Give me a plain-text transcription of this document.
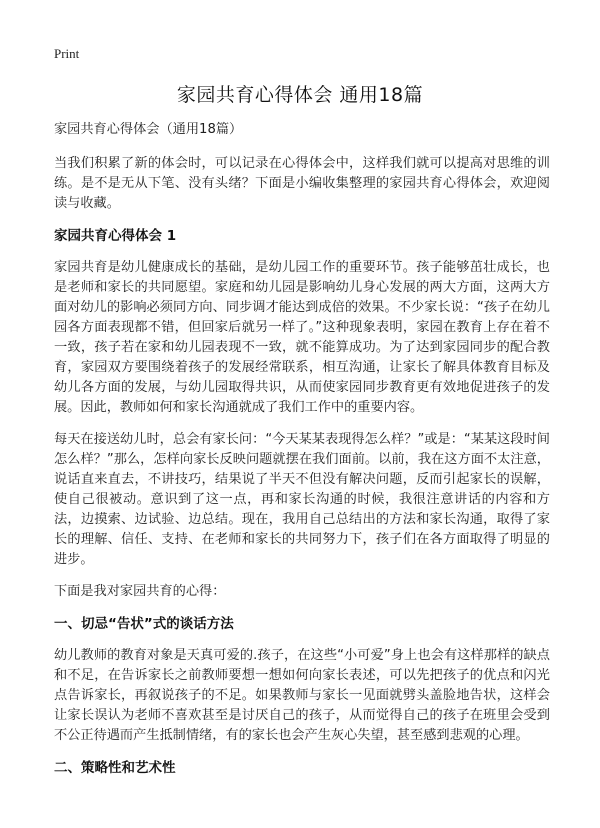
Print
家园共育心得体会 通用18篇

家园共育心得体会（通用18篇）

当我们积累了新的体会时，可以记录在心得体会中，这样我们就可以提高对思维的训练。是不是无从下笔、没有头绪？下面是小编收集整理的家园共育心得体会，欢迎阅读与收藏。

家园共育心得体会 1

家园共育是幼儿健康成长的基础，是幼儿园工作的重要环节。孩子能够茁壮成长，也是老师和家长的共同愿望。家庭和幼儿园是影响幼儿身心发展的两大方面，这两大方面对幼儿的影响必须同方向、同步调才能达到成倍的效果。不少家长说：“孩子在幼儿园各方面表现都不错，但回家后就另一样了。”这种现象表明，家园在教育上存在着不一致，孩子若在家和幼儿园表现不一致，就不能算成功。为了达到家园同步的配合教育，家园双方要围绕着孩子的发展经常联系，相互沟通，让家长了解具体教育目标及幼儿各方面的发展，与幼儿园取得共识，从而使家园同步教育更有效地促进孩子的发展。因此，教师如何和家长沟通就成了我们工作中的重要内容。

每天在接送幼儿时，总会有家长问：“今天某某表现得怎么样？”或是：“某某这段时间怎么样？”那么，怎样向家长反映问题就摆在我们面前。以前，我在这方面不太注意，说话直来直去，不讲技巧，结果说了半天不但没有解决问题，反而引起家长的误解，使自己很被动。意识到了这一点，再和家长沟通的时候，我很注意讲话的内容和方法，边摸索、边试验、边总结。现在，我用自己总结出的方法和家长沟通，取得了家长的理解、信任、支持、在老师和家长的共同努力下，孩子们在各方面取得了明显的进步。

下面是我对家园共育的心得：

一、切忌“告状”式的谈话方法

幼儿教师的教育对象是天真可爱的.孩子，在这些“小可爱”身上也会有这样那样的缺点和不足，在告诉家长之前教师要想一想如何向家长表述，可以先把孩子的优点和闪光点告诉家长，再叙说孩子的不足。如果教师与家长一见面就劈头盖脸地告状，这样会让家长误认为老师不喜欢甚至是讨厌自己的孩子，从而觉得自己的孩子在班里会受到不公正待遇而产生抵制情绪，有的家长也会产生灰心失望，甚至感到悲观的心理。

二、策略性和艺术性
